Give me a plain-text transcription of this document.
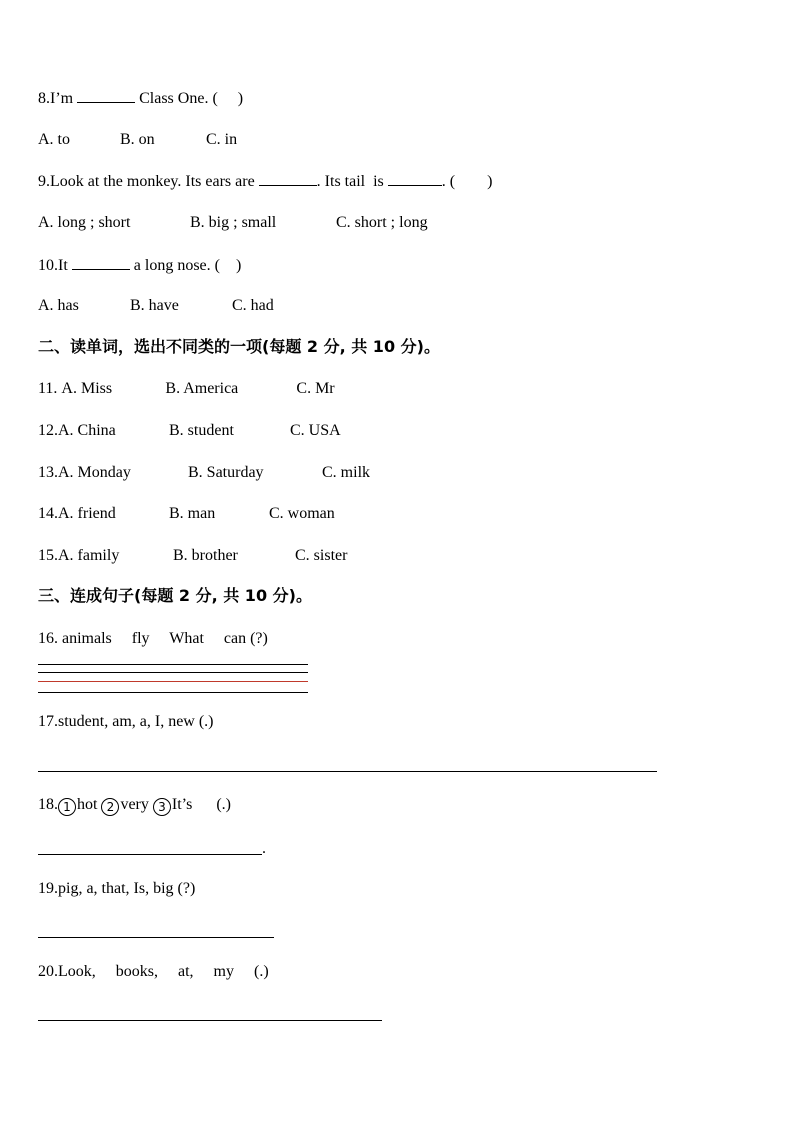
8.I’m	Class One. (     )
A. to	B. on	C. in
9.Look at the monkey. Its ears are	. Its tail  is	. (        )
A. long ; short	B. big ; small	C. short ; long
10.It	a long nose. (    )
A. has	B. have	C. had
二、读单词，选出不同类的一项(每题 2 分, 共 10 分)。
11. A. Miss	B. America	C. Mr
12.A. China	B. student	C. USA
13.A. Monday	B. Saturday	C. milk
14.A. friend	B. man	C. woman
15.A. family	B. brother	C. sister
三、连成句子(每题 2 分, 共 10 分)。
16. animals     fly     What     can (?)
17.student, am, a, I, new (.)
18. 1 hot 2 very 3 It’s      (.)
.
19.pig, a, that, Is, big (?)
20.Look,     books,     at,     my     (.)
